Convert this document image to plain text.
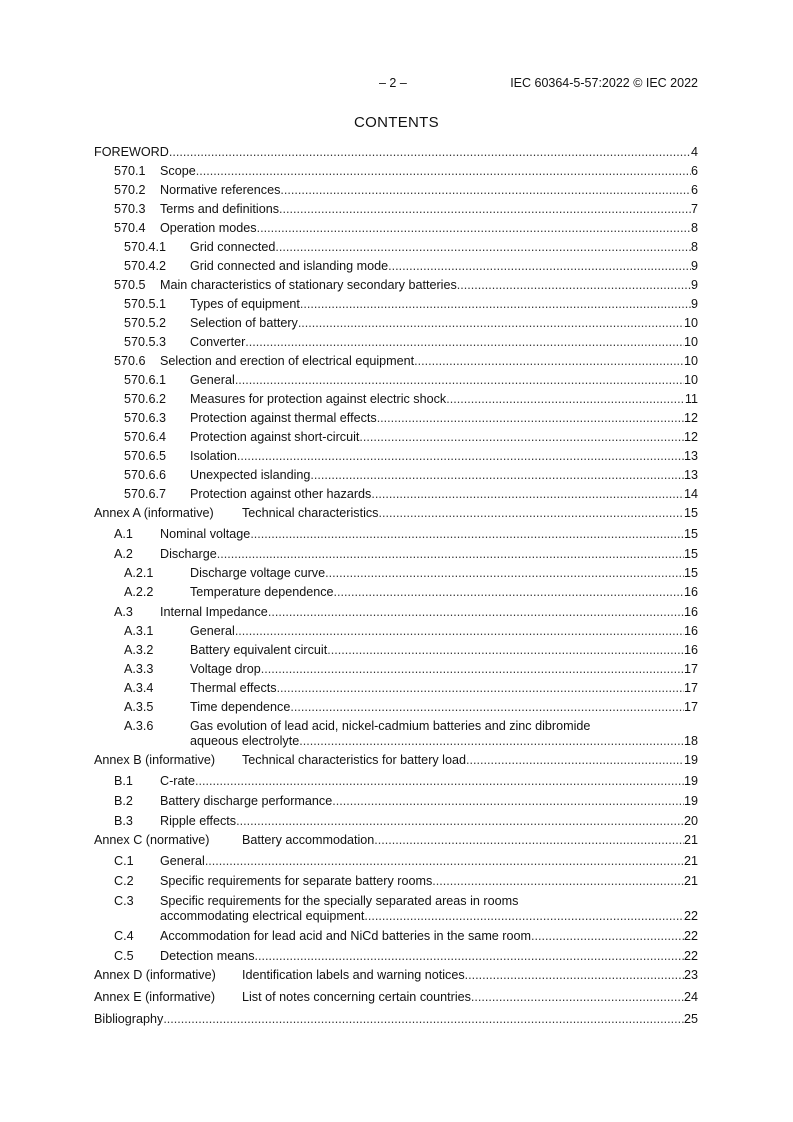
– 2 –	IEC 60364-5-57:2022 © IEC 2022
CONTENTS
FOREWORD .....	4
570.1	Scope .....	6
570.2	Normative references .....	6
570.3	Terms and definitions .....	7
570.4	Operation modes .....	8
570.4.1	Grid connected .....	8
570.4.2	Grid connected and islanding mode .....	9
570.5	Main characteristics of stationary secondary batteries .....	9
570.5.1	Types of equipment .....	9
570.5.2	Selection of battery .....	10
570.5.3	Converter .....	10
570.6	Selection and erection of electrical equipment .....	10
570.6.1	General .....	10
570.6.2	Measures for protection against electric shock .....	11
570.6.3	Protection against thermal effects .....	12
570.6.4	Protection against short-circuit .....	12
570.6.5	Isolation .....	13
570.6.6	Unexpected islanding .....	13
570.6.7	Protection against other hazards .....	14
Annex A (informative)	Technical characteristics .....	15
A.1	Nominal voltage .....	15
A.2	Discharge .....	15
A.2.1	Discharge voltage curve .....	15
A.2.2	Temperature dependence .....	16
A.3	Internal Impedance .....	16
A.3.1	General .....	16
A.3.2	Battery equivalent circuit .....	16
A.3.3	Voltage drop .....	17
A.3.4	Thermal effects .....	17
A.3.5	Time dependence .....	17
A.3.6	Gas evolution of lead acid, nickel-cadmium batteries and zinc dibromide
aqueous electrolyte .....	18
Annex B (informative)	Technical characteristics for battery load .....	19
B.1	C-rate .....	19
B.2	Battery discharge performance .....	19
B.3	Ripple effects .....	20
Annex C (normative)	Battery accommodation .....	21
C.1	General .....	21
C.2	Specific requirements for separate battery rooms .....	21
C.3	Specific requirements for the specially separated areas in rooms
accommodating electrical equipment .....	22
C.4	Accommodation for lead acid and NiCd batteries in the same room .....	22
C.5	Detection means .....	22
Annex D (informative)	Identification labels and warning notices .....	23
Annex E (informative)	List of notes concerning certain countries .....	24
Bibliography .....	25
